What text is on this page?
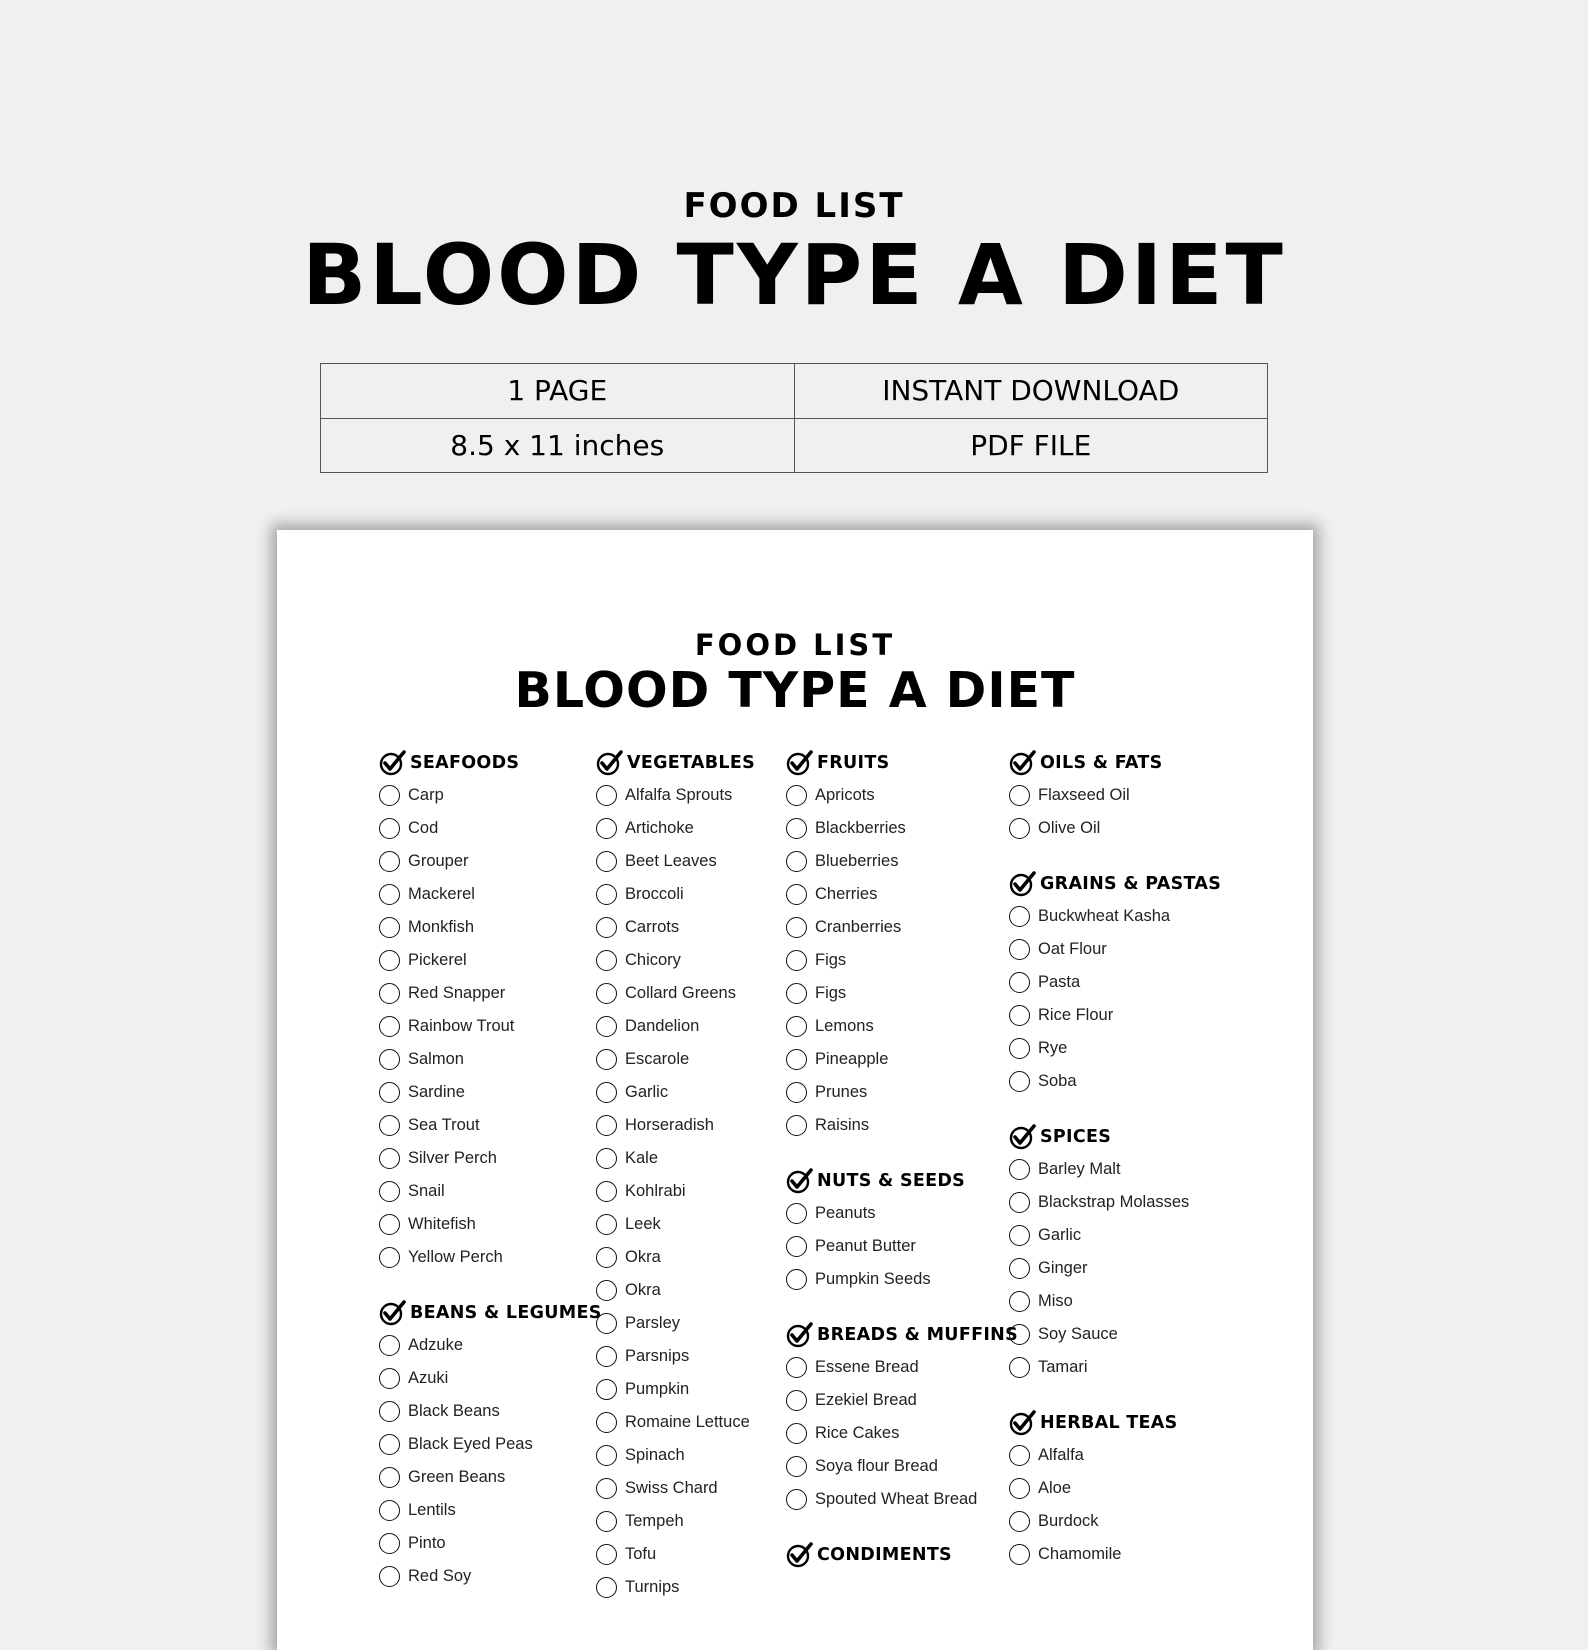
FOOD LIST
BLOOD TYPE A DIET
1 PAGE	INSTANT DOWNLOAD
8.5 x 11 inches	PDF FILE
FOOD LIST
BLOOD TYPE A DIET
SEAFOODS
Carp
Cod
Grouper
Mackerel
Monkfish
Pickerel
Red Snapper
Rainbow Trout
Salmon
Sardine
Sea Trout
Silver Perch
Snail
Whitefish
Yellow Perch
BEANS & LEGUMES
Adzuke
Azuki
Black Beans
Black Eyed Peas
Green Beans
Lentils
Pinto
Red Soy
VEGETABLES
Alfalfa Sprouts
Artichoke
Beet Leaves
Broccoli
Carrots
Chicory
Collard Greens
Dandelion
Escarole
Garlic
Horseradish
Kale
Kohlrabi
Leek
Okra
Okra
Parsley
Parsnips
Pumpkin
Romaine Lettuce
Spinach
Swiss Chard
Tempeh
Tofu
Turnips
FRUITS
Apricots
Blackberries
Blueberries
Cherries
Cranberries
Figs
Figs
Lemons
Pineapple
Prunes
Raisins
NUTS & SEEDS
Peanuts
Peanut Butter
Pumpkin Seeds
BREADS & MUFFINS
Essene Bread
Ezekiel Bread
Rice Cakes
Soya flour Bread
Spouted Wheat Bread
CONDIMENTS
OILS & FATS
Flaxseed Oil
Olive Oil
GRAINS & PASTAS
Buckwheat Kasha
Oat Flour
Pasta
Rice Flour
Rye
Soba
SPICES
Barley Malt
Blackstrap Molasses
Garlic
Ginger
Miso
Soy Sauce
Tamari
HERBAL TEAS
Alfalfa
Aloe
Burdock
Chamomile
